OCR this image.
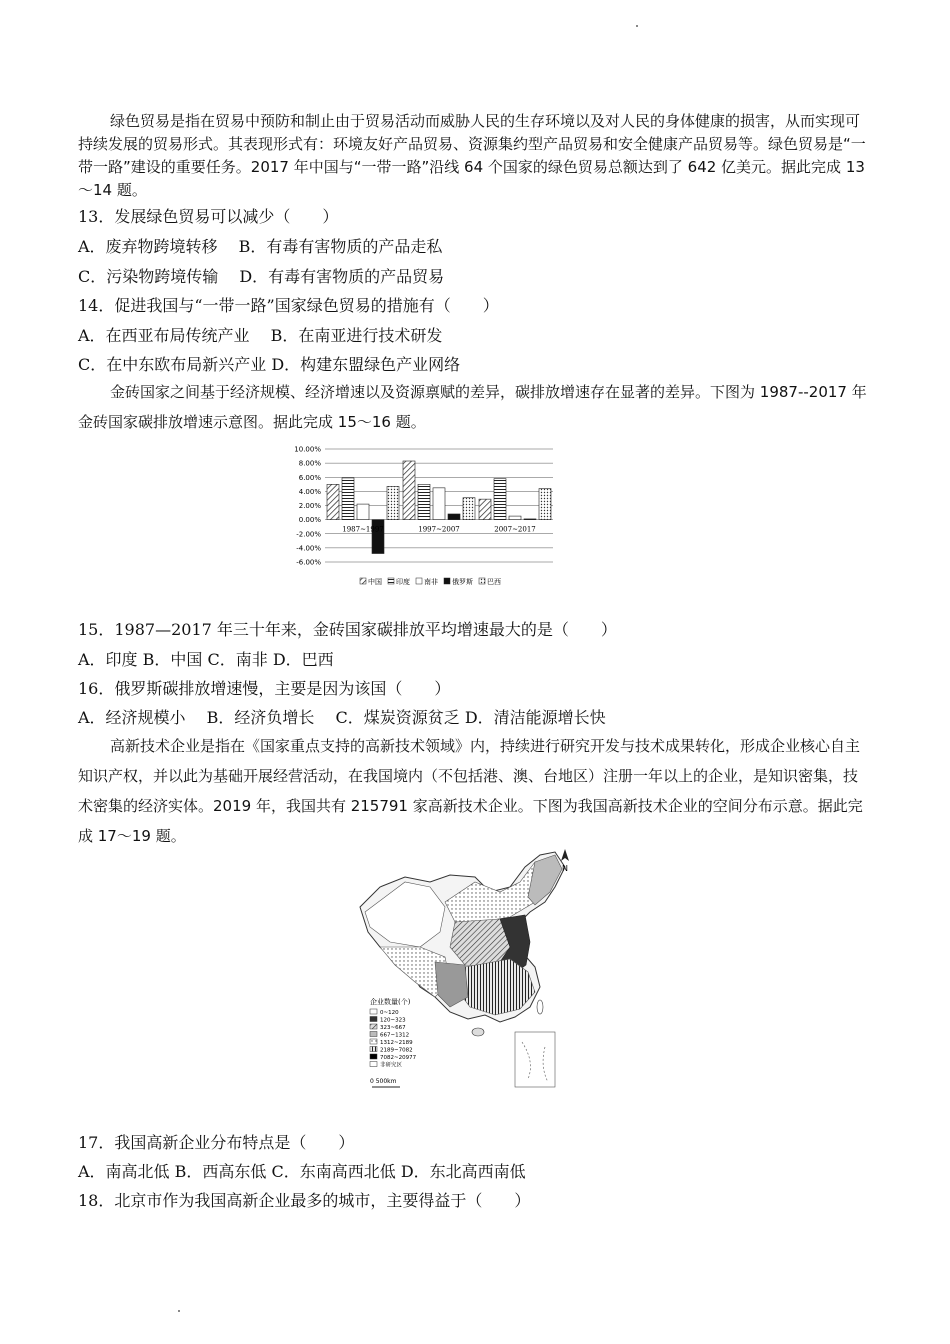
绿色贸易是指在贸易中预防和制止由于贸易活动而威胁人民的生存环境以及对人民的身体健康的损害，从而实现可持续发展的贸易形式。其表现形式有：环境友好产品贸易、资源集约型产品贸易和安全健康产品贸易等。绿色贸易是“一带一路”建设的重要任务。2017 年中国与“一带一路”沿线 64 个国家的绿色贸易总额达到了 642 亿美元。据此完成 13～14 题。
13．发展绿色贸易可以减少（　　）
A．废弃物跨境转移　 B．有毒有害物质的产品走私
C．污染物跨境传输　 D．有毒有害物质的产品贸易
14．促进我国与“一带一路”国家绿色贸易的措施有（　　）
A．在西亚布局传统产业　 B．在南亚进行技术研发
C．在中东欧布局新兴产业 D．构建东盟绿色产业网络
金砖国家之间基于经济规模、经济增速以及资源禀赋的差异，碳排放增速存在显著的差异。下图为 1987--2017 年金砖国家碳排放增速示意图。据此完成 15～16 题。
10.00%
8.00%
6.00%
4.00%
2.00%
0.00%
-2.00%
-4.00%
-6.00%
1987~1997	1997~2007	2007~2017
中国 印度 南非 俄罗斯 巴西
15．1987—2017 年三十年来，金砖国家碳排放平均增速最大的是（　　）
A．印度 B．中国 C．南非 D．巴西
16．俄罗斯碳排放增速慢，主要是因为该国（　　）
A．经济规模小　 B．经济负增长　 C．煤炭资源贫乏 D．清洁能源增长快
高新技术企业是指在《国家重点支持的高新技术领域》内，持续进行研究开发与技术成果转化，形成企业核心自主知识产权，并以此为基础开展经营活动，在我国境内（不包括港、澳、台地区）注册一年以上的企业，是知识密集，技术密集的经济实体。2019 年，我国共有 215791 家高新技术企业。下图为我国高新技术企业的空间分布示意。据此完成 17～19 题。
N
企业数量(个)
0~120
120~323
323~667
667~1312
1312~2189
2189~7082
7082~20977
非研究区
0 500km
17．我国高新企业分布特点是（　　）
A．南高北低 B．西高东低 C．东南高西北低 D．东北高西南低
18．北京市作为我国高新企业最多的城市，主要得益于（　　）
